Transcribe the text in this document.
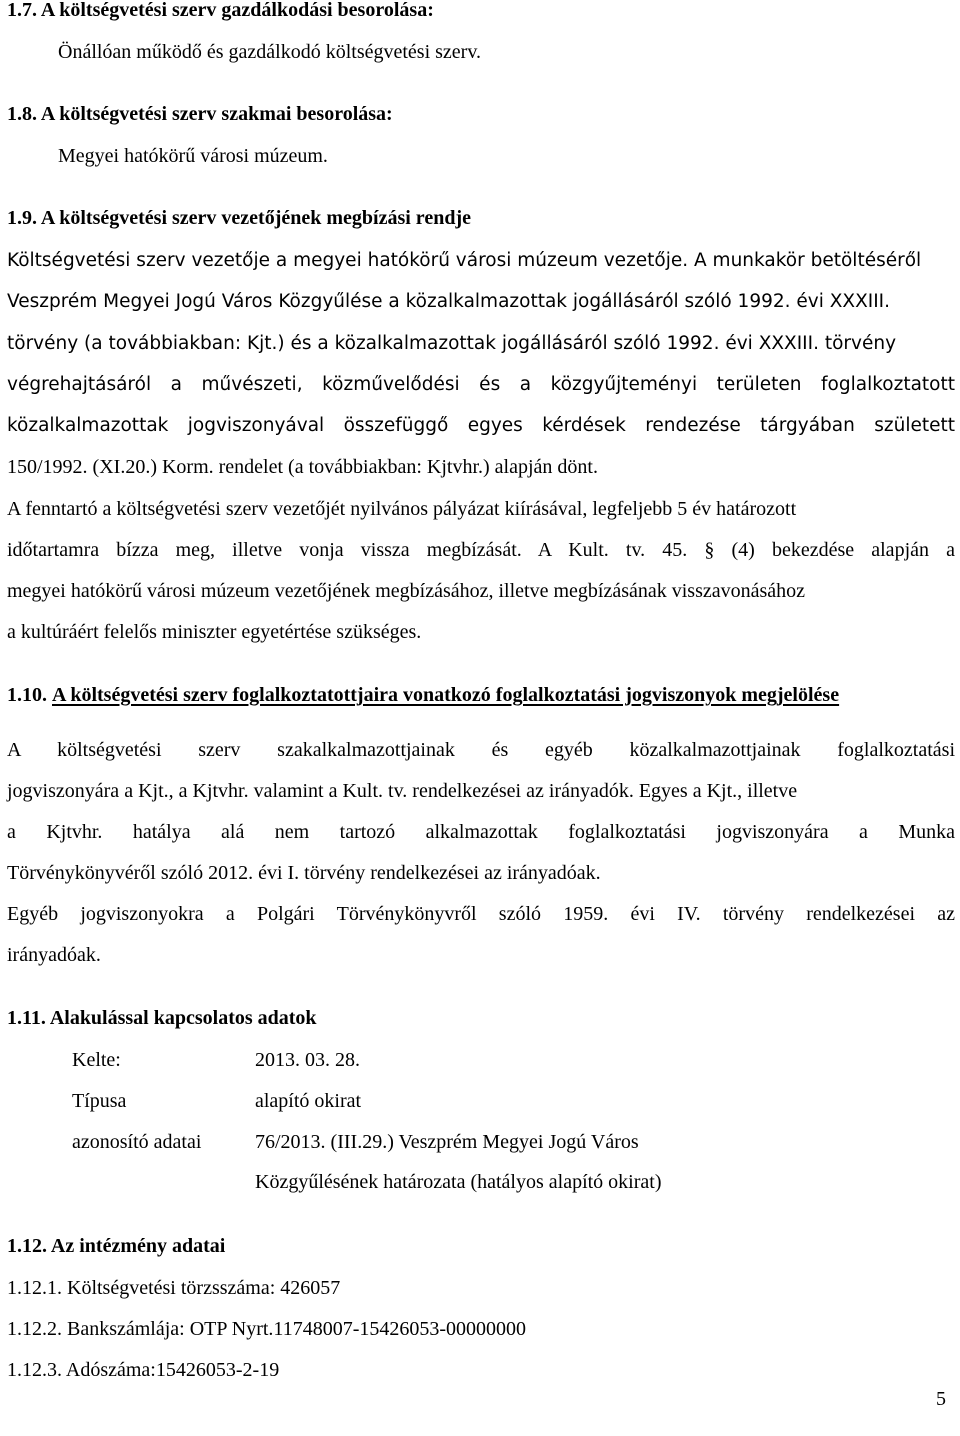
1.7. A költségvetési szerv gazdálkodási besorolása:
Önállóan működő és gazdálkodó költségvetési szerv.
1.8. A költségvetési szerv szakmai besorolása:
Megyei hatókörű városi múzeum.
1.9. A költségvetési szerv vezetőjének megbízási rendje
Költségvetési szerv vezetője a megyei hatókörű városi múzeum vezetője. A munkakör betöltéséről
Veszprém Megyei Jogú Város Közgyűlése a közalkalmazottak jogállásáról szóló 1992. évi XXXIII.
törvény (a továbbiakban: Kjt.) és a közalkalmazottak jogállásáról szóló 1992. évi XXXIII. törvény
végrehajtásáról a művészeti, közművelődési és a közgyűjteményi területen foglalkoztatott
közalkalmazottak jogviszonyával összefüggő egyes kérdések rendezése tárgyában született
150/1992. (XI.20.) Korm. rendelet (a továbbiakban: Kjtvhr.) alapján dönt.
A fenntartó a költségvetési szerv vezetőjét nyilvános pályázat kiírásával, legfeljebb 5 év határozott
időtartamra bízza meg, illetve vonja vissza megbízását. A Kult. tv. 45. § (4) bekezdése alapján a
megyei hatókörű városi múzeum vezetőjének megbízásához, illetve megbízásának visszavonásához
a kultúráért felelős miniszter egyetértése szükséges.
1.10. A költségvetési szerv foglalkoztatottjaira vonatkozó foglalkoztatási jogviszonyok megjelölése
A költségvetési szerv szakalkalmazottjainak és egyéb közalkalmazottjainak foglalkoztatási
jogviszonyára a Kjt., a Kjtvhr. valamint a Kult. tv. rendelkezései az irányadók. Egyes a Kjt., illetve
a Kjtvhr. hatálya alá nem tartozó alkalmazottak foglalkoztatási jogviszonyára a Munka
Törvénykönyvéről szóló 2012. évi I. törvény rendelkezései az irányadóak.
Egyéb jogviszonyokra a Polgári Törvénykönyvről szóló 1959. évi IV. törvény rendelkezései az
irányadóak.
1.11. Alakulással kapcsolatos adatok
Kelte:	2013. 03. 28.
Típusa	alapító okirat
azonosító adatai	76/2013. (III.29.) Veszprém Megyei Jogú Város
Közgyűlésének határozata (hatályos alapító okirat)
1.12. Az intézmény adatai
1.12.1. Költségvetési törzsszáma: 426057
1.12.2. Bankszámlája: OTP Nyrt.11748007-15426053-00000000
1.12.3. Adószáma:15426053-2-19
5
